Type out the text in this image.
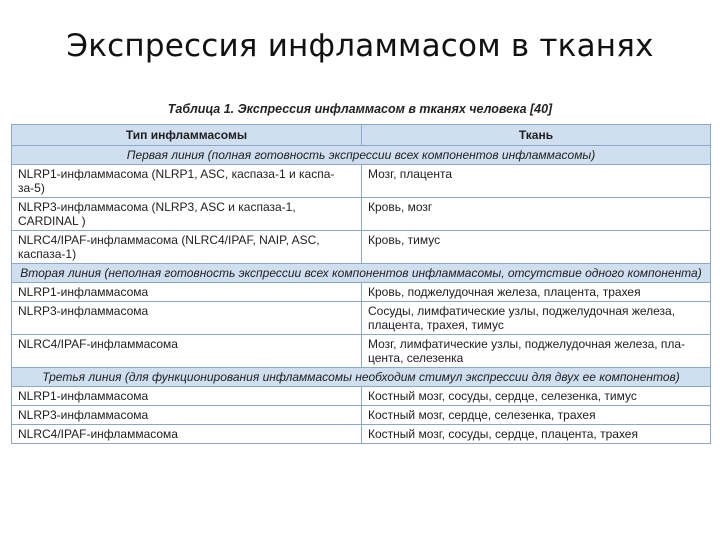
Экспрессия инфламмасом в тканях
Таблица 1. Экспрессия инфламмасом в тканях человека [40]
Тип инфламмасомы	Ткань
Первая линия (полная готовность экспрессии всех компонентов инфламмасомы)	
NLRP1-инфламмасома (NLRP1, ASC, каспаза-1 и каспа-за-5)	Мозг, плацента
NLRP3-инфламмасома (NLRP3, ASC и каспаза-1, CARDINAL )	Кровь, мозг
NLRC4/IPAF-инфламмасома (NLRC4/IPAF, NAIP, ASC, каспаза-1)	Кровь, тимус
Вторая линия (неполная готовность экспрессии всех компонентов инфламмасомы, отсутствие одного компонента)	
NLRP1-инфламмасома	Кровь, поджелудочная железа, плацента, трахея
NLRP3-инфламмасома	Сосуды, лимфатические узлы, поджелудочная железа, плацента, трахея, тимус
NLRC4/IPAF-инфламмасома	Мозг, лимфатические узлы, поджелудочная железа, пла-цента, селезенка
Третья линия (для функционирования инфламмасомы необходим стимул экспрессии для двух ее компонентов)	
NLRP1-инфламмасома	Костный мозг, сосуды, сердце, селезенка, тимус
NLRP3-инфламмасома	Костный мозг, сердце, селезенка, трахея
NLRC4/IPAF-инфламмасома	Костный мозг, сосуды, сердце, плацента, трахея
